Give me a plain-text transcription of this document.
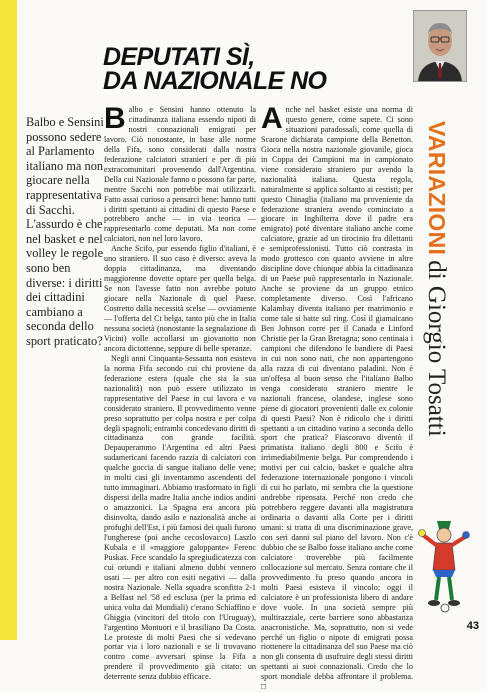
DEPUTATI SÌ,
DA NAZIONALE NO

Balbo e Sensini possono sedere al Parlamento italiano ma non giocare nella rappresentativa di Sacchi. L'assurdo è che nel basket e nel volley le regole sono ben diverse: i diritti dei cittadini cambiano a seconda dello sport praticato?

Balbo e Sensini hanno ottenuto la cittadinanza italiana essendo nipoti di nostri connazionali emigrati per lavoro. Ciò nonostante, in base alle norme della Fifa, sono considerati dalla nostra federazione calciatori stranieri e per di più extracomunitari provenendo dall'Argentina. Della cui Nazionale fanno o possono far parte, mentre Sacchi non potrebbe mai utilizzarli. Fatto assai curioso a pensarci bene: hanno tutti i diritti spettanti ai cittadini di questo Paese e potrebbero anche — in via teorica — rappresentarlo come deputati. Ma non come calciatori, non nel loro lavoro.

Anche Scifo, pur essendo figlio d'italiani, è uno straniero. Il suo caso è diverso: aveva la doppia cittadinanza, ma diventando maggiorenne dovette optare per quella belga. Se non l'avesse fatto non avrebbe potuto giocare nella Nazionale di quel Paese. Costretto dalla necessità scelse — ovviamente — l'offerta del Ct belga, tanto più che in Italia nessuna società (nonostante la segnalazione di Vicini) volle accollarsi un giovanotto non ancora diciottenne, seppure di belle speranze.

Negli anni Cinquanta-Sessanta non esisteva la norma Fifa secondo cui chi proviene da federazione estera (quale che sia la sua nazionalità) non può essere utilizzato in rappresentative del Paese in cui lavora e va considerato straniero. Il provvedimento venne preso soprattutto per colpa nostra e per colpa degli spagnoli; entrambi concedevano diritti di cittadinanza con grande facilità. Depauperammo l'Argentina ed altri Paesi sudamericani facendo razzia di calciatori con qualche goccia di sangue italiano delle vene; in molti casi gli inventammo ascendenti del tutto immaginari. Abbiamo trasformato in figli dispersi della madre Italia anche indios andini o amazzonici. La Spagna era ancora più disinvolta, dando asilo e nazionalità anche ai profughi dell'Est, i più famosi dei quali furono l'ungherese (poi anche cecoslovacco) Laszlo Kubala e il «maggiore galoppante» Ferenc Puskas. Fece scandalo la spregiudicatezza con cui oriundi e italiani almeno dubbi vennero usati — per altro con esiti negativi — dalla nostra Nazionale. Nella squadra sconfitta 2-1 a Belfast nel '58 ed esclusa (per la prima ed unica volta dai Mondiali) c'erano Schiaffino e Ghiggia (vincitori del titolo con l'Uruguay), l'argentino Montuori e il brasiliano Da Costa. Le proteste di molti Paesi che si vedevano portar via i loro nazionali e se li trovavano contro come avversari spinse la Fifa a prendere il provvedimento già citato: un deterrente senza dubbio efficace.

Anche nel basket esiste una norma di questo genere, come sapete. Ci sono situazioni paradossali, come quella di Scarone dichiarata campione della Benetton. Gioca nella nostra nazionale giovanile, gioca in Coppa dei Campioni ma in campionato viene considerato straniero pur avendo la nazionalità italiana. Questa regola, naturalmente si applica soltanto ai cestisti; per questo Chinaglia (italiano ma proveniente da federazione straniera avendo cominciato a giocare in Inghilterra dove il padre era emigrato) poté diventare italiano anche come calciatore, grazie ad un tirocinio fra dilettanti e semiprofessionisti. Tutto ciò contrasta in modo grottesco con quanto avviene in altre discipline dove chiunque abbia la cittadinanza di un Paese può rappresentarlo in Nazionale. Anche se proviene da un gruppo etnico completamente diverso. Così l'africano Kalambay diventa italiano per matrimonio e come tale si batte sul ring. Così il giamaicano Ben Johnson corre per il Canada e Linford Christie per la Gran Bretagna; sono centinaia i campioni che difendono le bandiere di Paesi in cui non sono nati, che non appartengono alla razza di cui diventano paladini. Non è un'offesa al buon senso che l'italiano Balbo venga considerato straniero mentre le nazionali francese, olandese, inglese sono piene di giocatori provenienti dalle ex colonie di questi Paesi? Non è ridicolo che i diritti spettanti a un cittadino varino a seconda dello sport che pratica? Fiascoravo diventò il primatista italiano degli 800 e Scifo è irrimediabilmente belga. Pur comprendendo i motivi per cui calcio, basket e qualche altra federazione internazionale pongono i vincoli di cui ho parlato, mi sembra che la questione andrebbe ripensata. Perché non credo che potrebbero reggere davanti alla magistratura ordinaria o davanti alla Corte per i diritti umani: si tratta di una discriminazione grave, con seri danni sul piano del lavoro. Non c'è dubbio che se Balbo fosse italiano anche come calciatore troverebbe più facilmente collocazione sul mercato. Senza contare che il provvedimento fu preso quando ancora in molti Paesi esisteva il vincolo; oggi il calciatore è un professionista libero di andare dove vuole. In una società sempre più multirazziale, certe barriere sono abbastanza anacronistiche. Ma, soprattutto, non si vede perché un figlio o nipote di emigrati possa riottenere la cittadinanza del suo Paese ma ciò non gli consenta di usufruire degli stessi diritti spettanti ai suoi connazionali. Credo che lo sport mondiale debba affrontare il problema. □

VARIAZIONIdi Giorgio Tosatti
43
